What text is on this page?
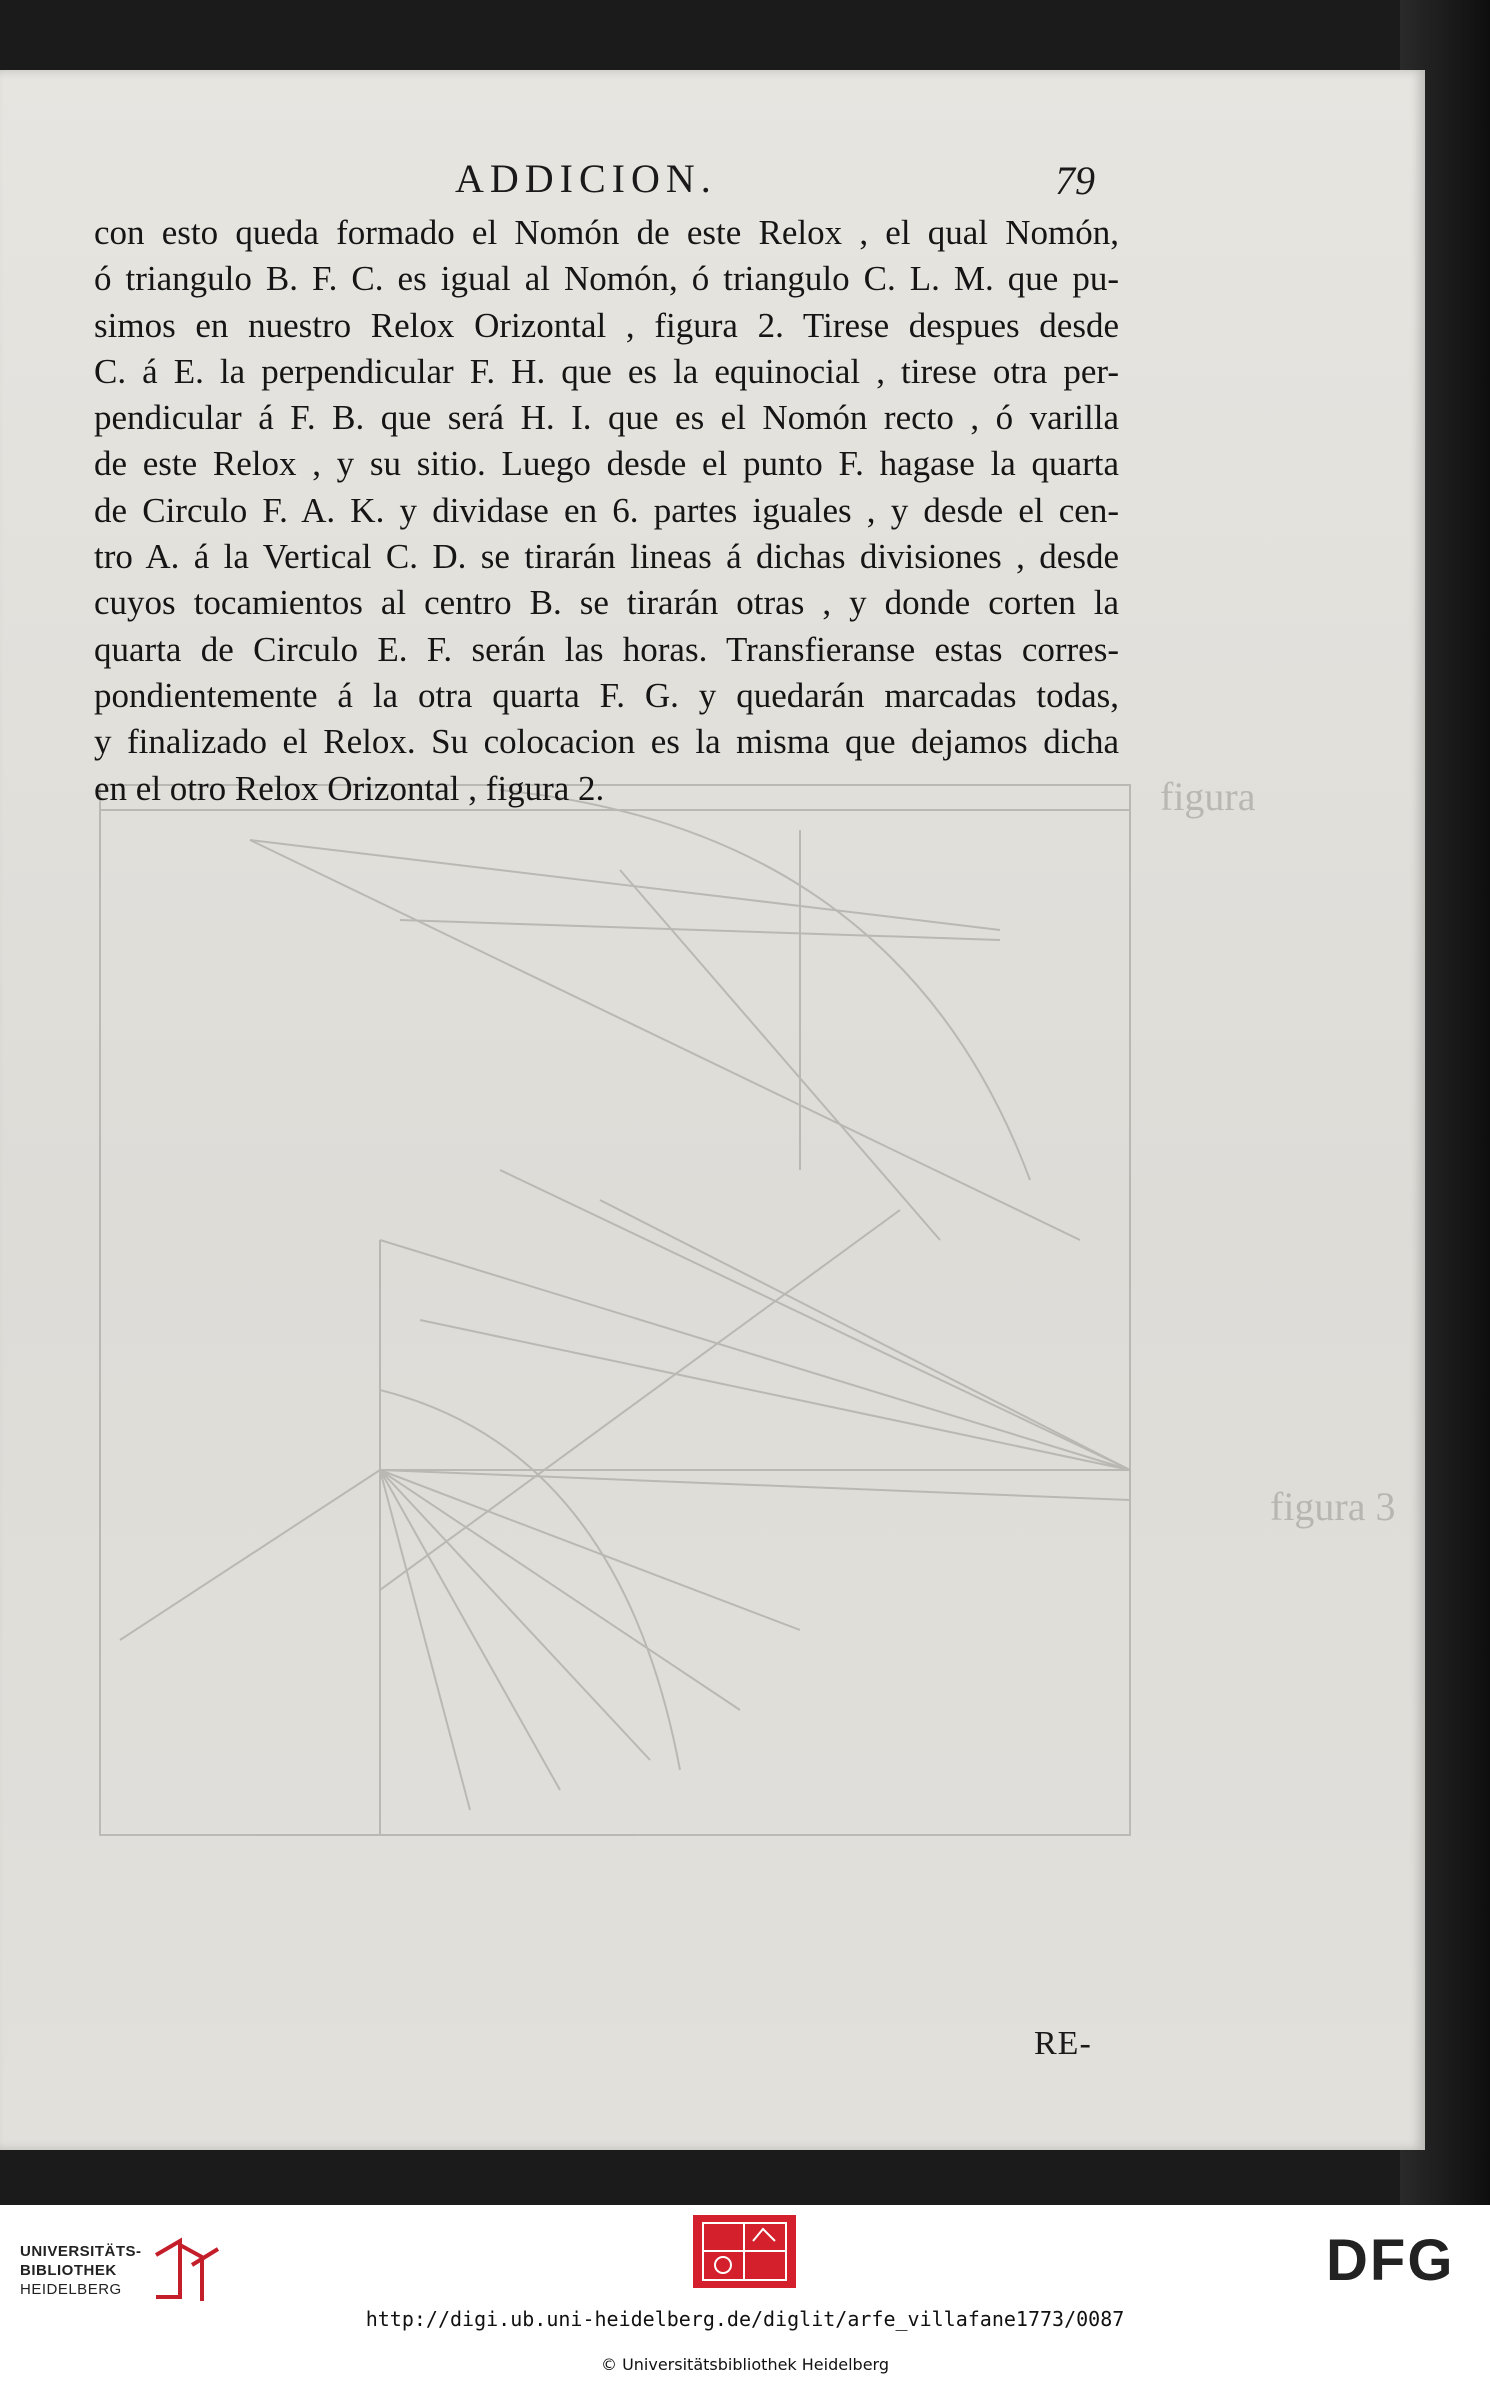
figura 3
figura
ADDICION.	79
con esto queda formado el Nomón de este Relox , el qual Nomón,
ó triangulo B. F. C. es igual al Nomón, ó triangulo C. L. M. que pu-
simos en nuestro Relox Orizontal , figura 2. Tirese despues desde
C. á E. la perpendicular F. H. que es la equinocial , tirese otra per-
pendicular á F. B. que será H. I. que es el Nomón recto , ó varilla
de este Relox , y su sitio. Luego desde el punto F. hagase la quarta
de Circulo F. A. K. y dividase en 6. partes iguales , y desde el cen-
tro A. á la Vertical C. D. se tirarán lineas á dichas divisiones , desde
cuyos tocamientos al centro B. se tirarán otras , y donde corten la
quarta de Circulo E. F. serán las horas. Transfieranse estas corres-
pondientemente á la otra quarta F. G. y quedarán marcadas todas,
y finalizado el Relox. Su colocacion es la misma que dejamos dicha
en el otro Relox Orizontal , figura 2.
RE-
UNIVERSITÄTS-
BIBLIOTHEK
HEIDELBERG	DFG
http://digi.ub.uni-heidelberg.de/diglit/arfe_villafane1773/0087
© Universitätsbibliothek Heidelberg
